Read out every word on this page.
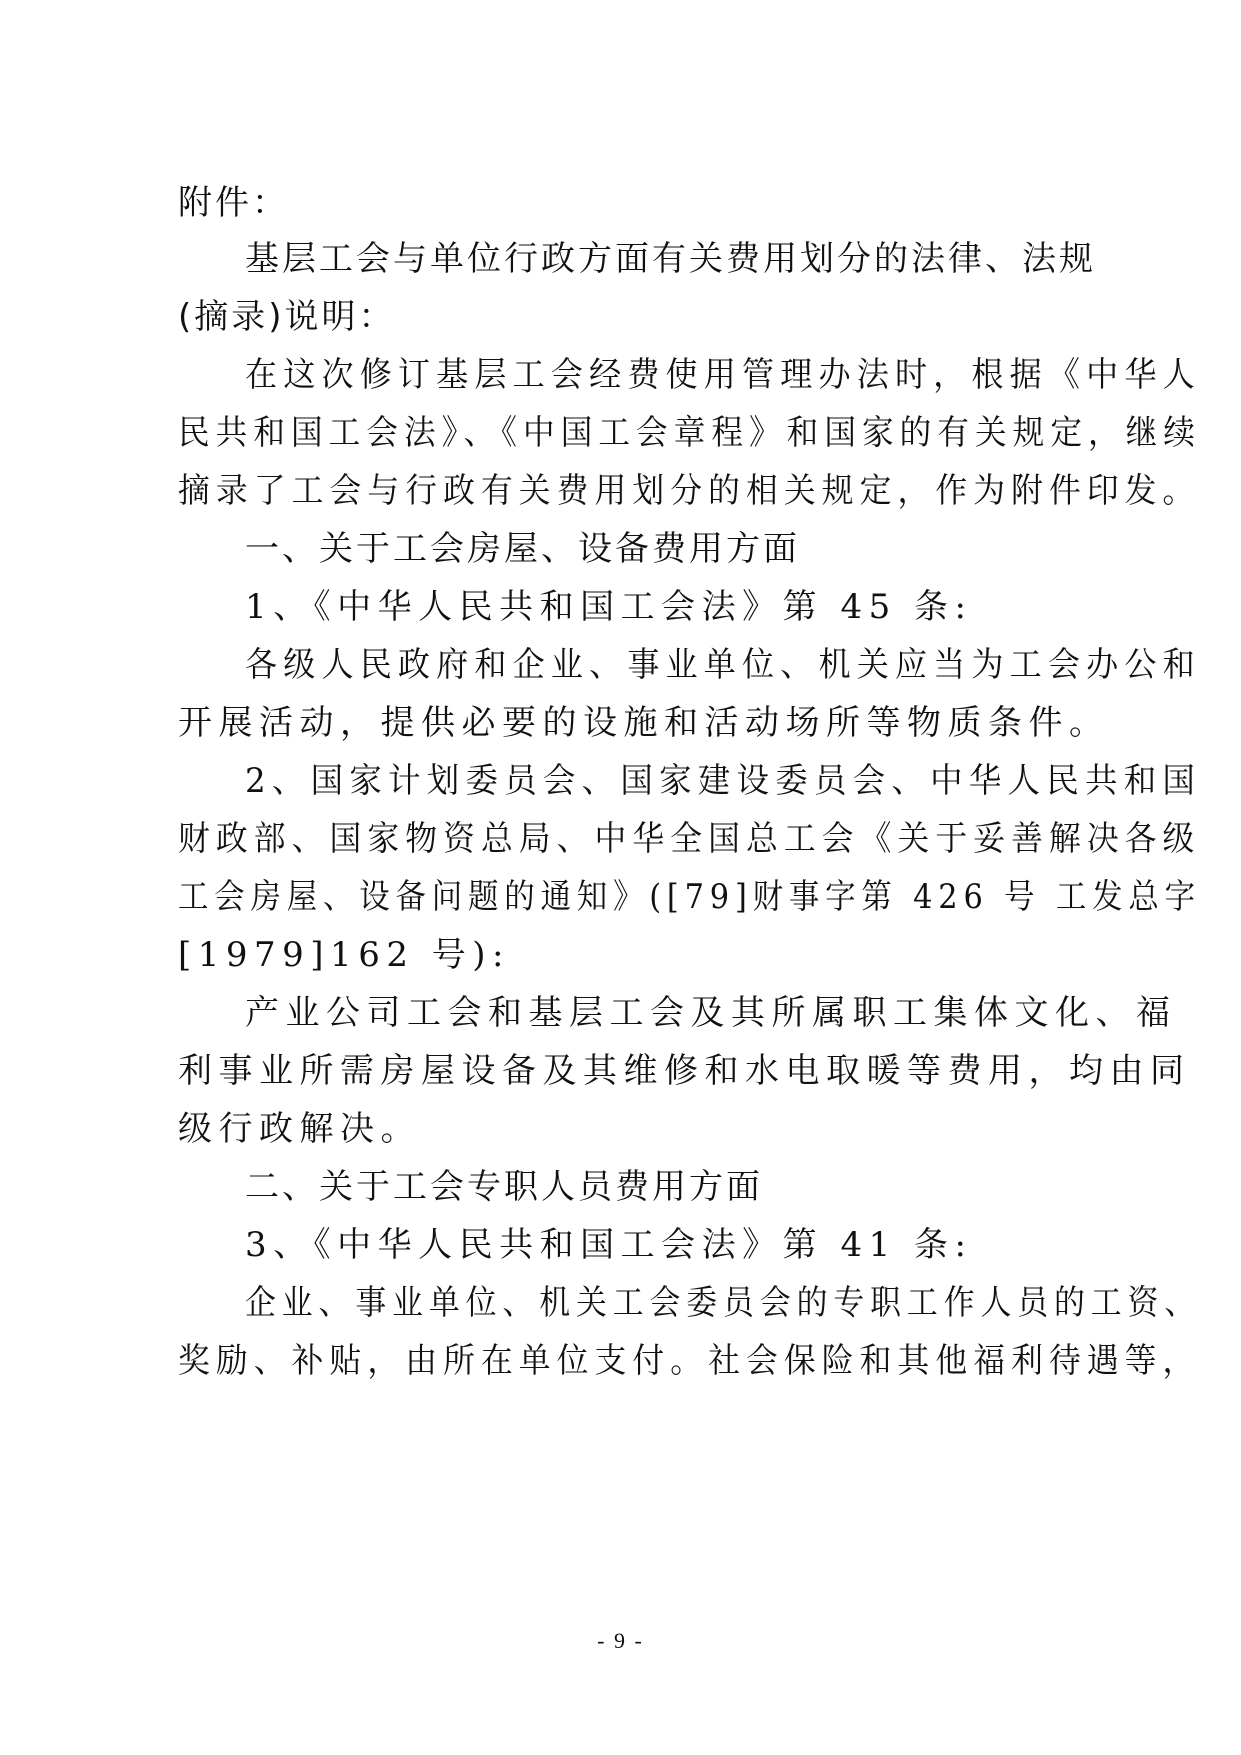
附件：
基层工会与单位行政方面有关费用划分的法律、法规
(摘录)说明：
在这次修订基层工会经费使用管理办法时，根据《中华人
民共和国工会法》、《中国工会章程》和国家的有关规定，继续
摘录了工会与行政有关费用划分的相关规定，作为附件印发。
一、关于工会房屋、设备费用方面
1、《中华人民共和国工会法》第 45 条:
各级人民政府和企业、事业单位、机关应当为工会办公和
开展活动，提供必要的设施和活动场所等物质条件。
2、国家计划委员会、国家建设委员会、中华人民共和国
财政部、国家物资总局、中华全国总工会《关于妥善解决各级
工会房屋、设备问题的通知》([79]财事字第 426 号 工发总字
[1979]162 号):
产业公司工会和基层工会及其所属职工集体文化、福
利事业所需房屋设备及其维修和水电取暖等费用，均由同
级行政解决。
二、关于工会专职人员费用方面
3、《中华人民共和国工会法》第 41 条:
企业、事业单位、机关工会委员会的专职工作人员的工资、
奖励、补贴，由所在单位支付。社会保险和其他福利待遇等，
- 9 -
